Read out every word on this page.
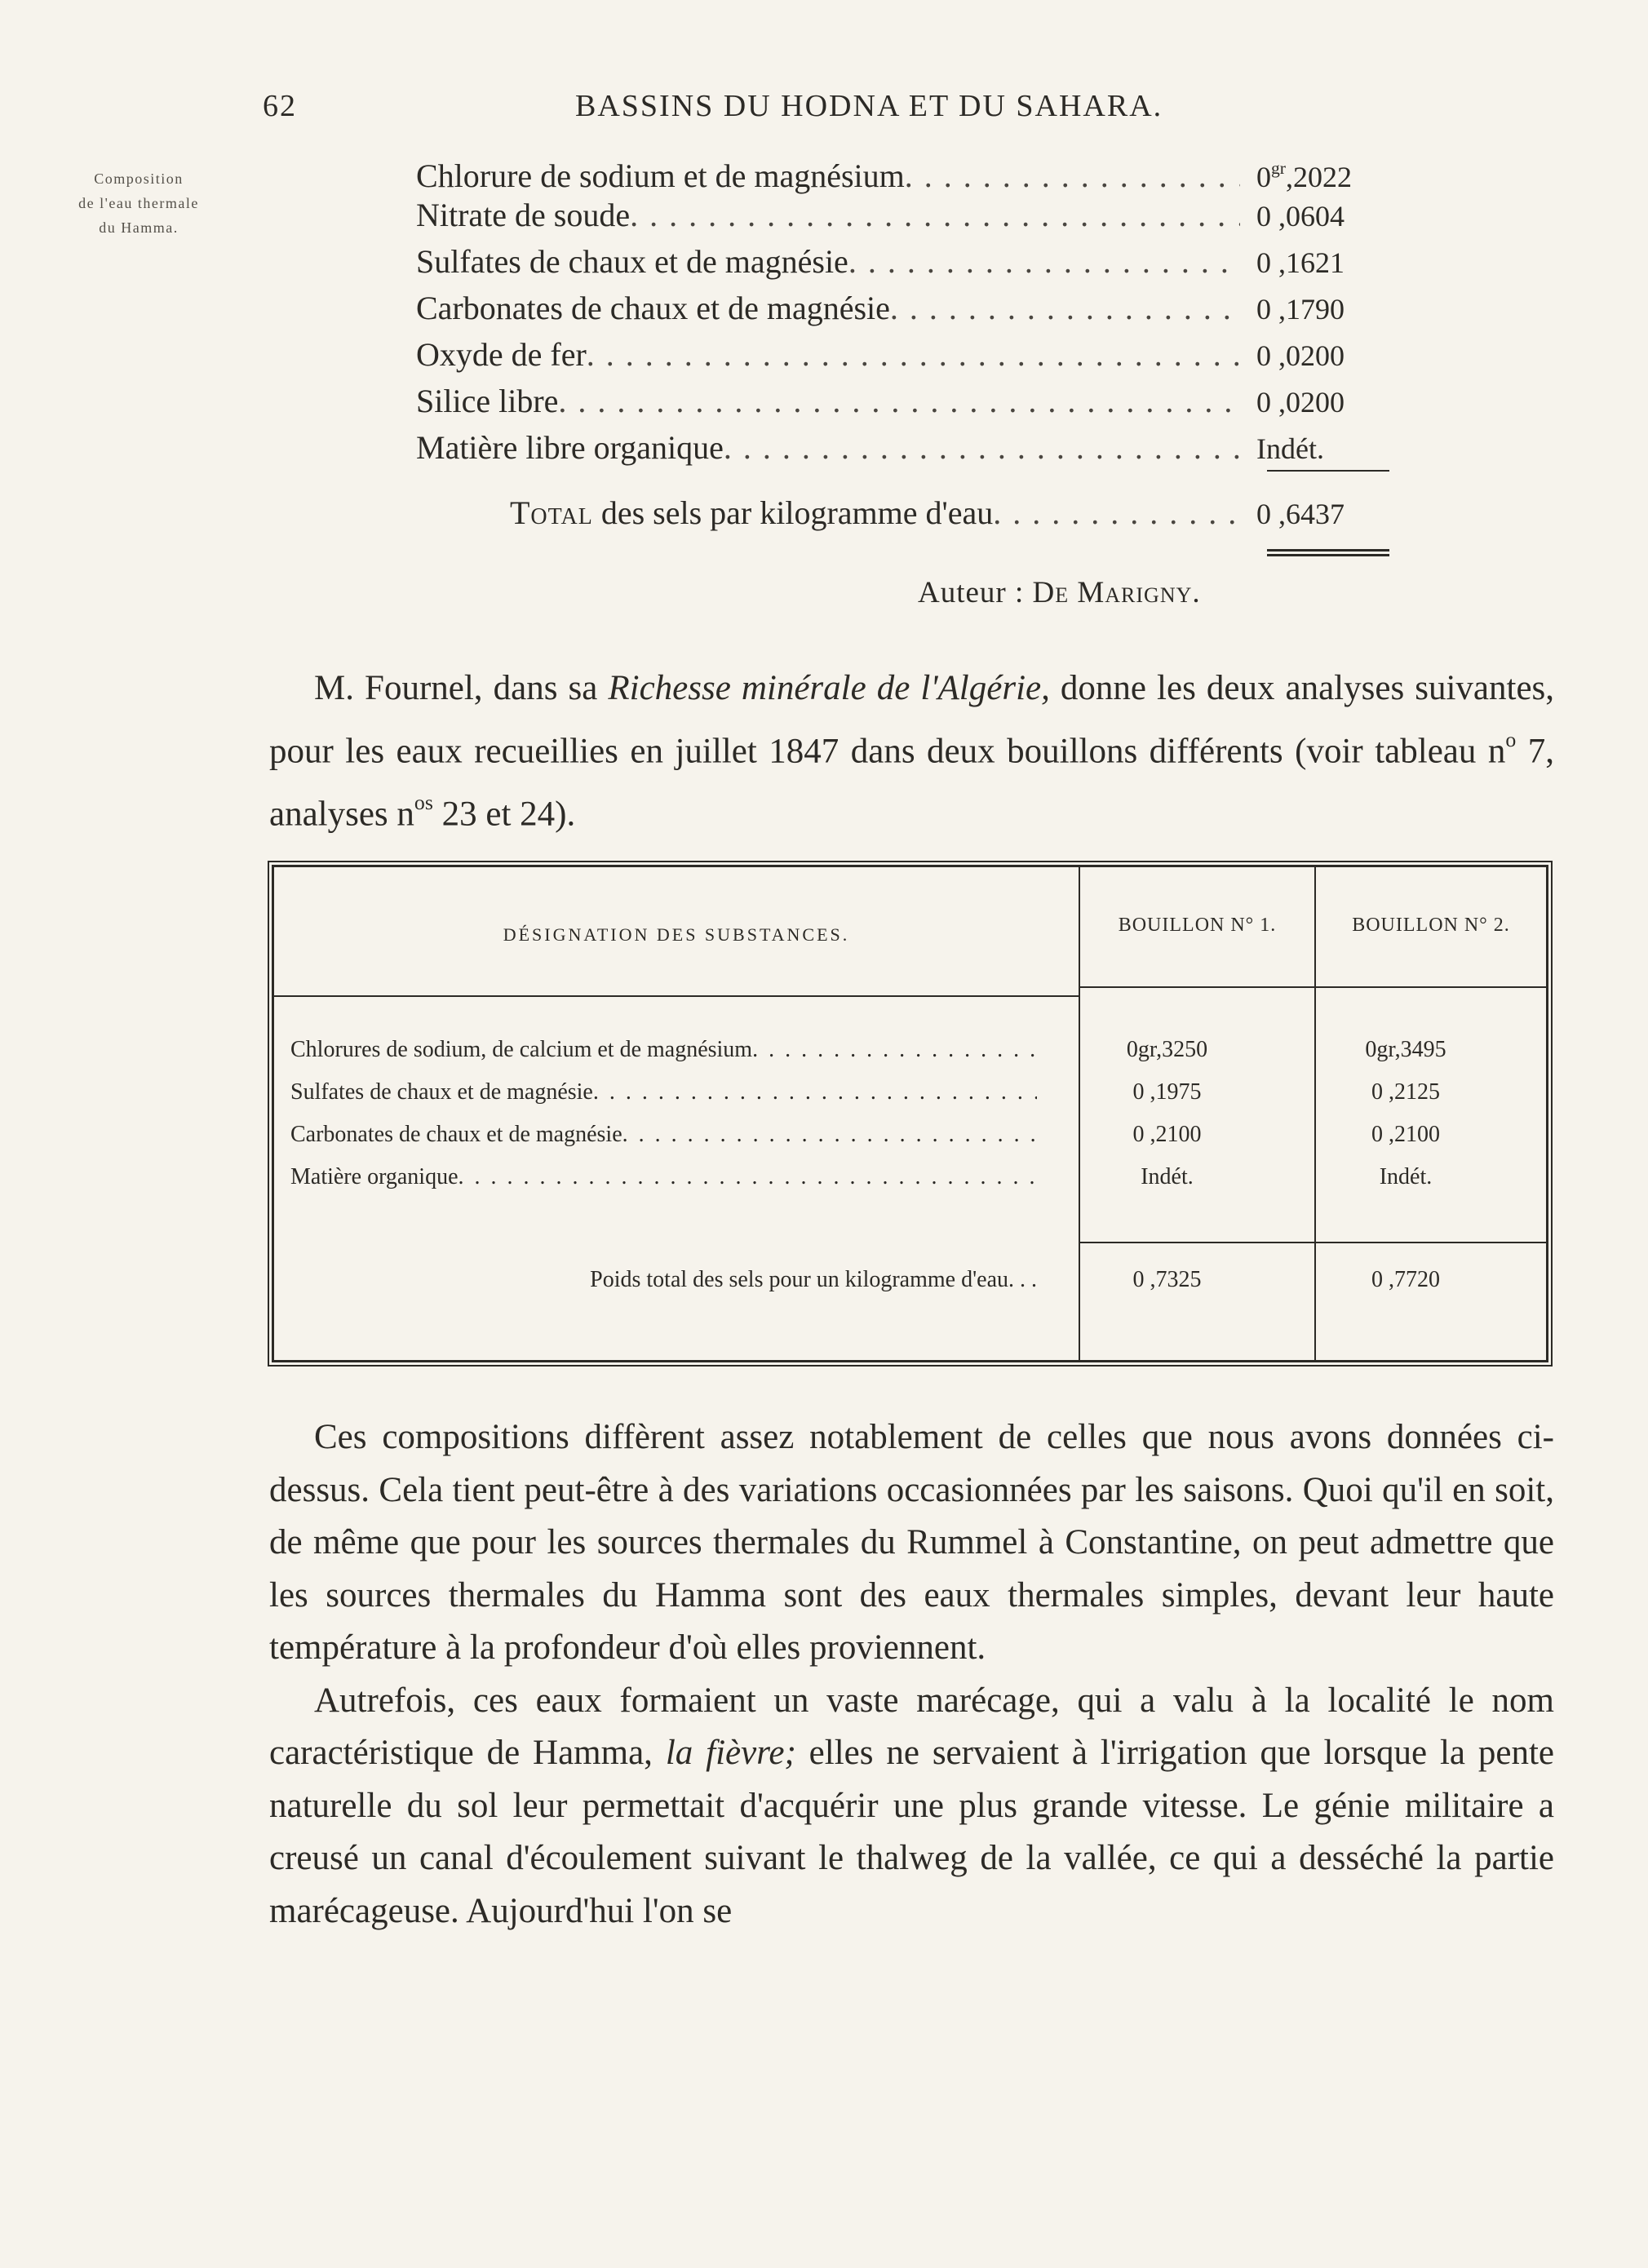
62	BASSINS DU HODNA ET DU SAHARA.
Composition
de l'eau thermale
du Hamma.
Chlorure de sodium et de magnésium . . .	$0^{gr},2022$
Nitrate de soude . . .	0 ,0604
Sulfates de chaux et de magnésie . . .	0 ,1621
Carbonates de chaux et de magnésie . . .	0 ,1790
Oxyde de fer . . .	0 ,0200
Silice libre . . .	0 ,0200
Matière libre organique . . .	Indét.
Total des sels par kilogramme d'eau . . .	0 ,6437
Auteur : De Marigny.

M. Fournel, dans sa Richesse minérale de l'Algérie, donne les deux analyses suivantes, pour les eaux recueillies en juillet 1847 dans deux bouillons différents (voir tableau $n^o$ 7, analyses $n^{os}$ 23 et 24).

DÉSIGNATION DES SUBSTANCES.	BOUILLON N° 1.	BOUILLON N° 2.
Chlorures de sodium, de calcium et de magnésium . . .	0gr,3250	0gr,3495
Sulfates de chaux et de magnésie . . .	0 ,1975	0 ,2125
Carbonates de chaux et de magnésie . . .	0 ,2100	0 ,2100
Matière organique . . .	Indét.	Indét.
Poids total des sels pour un kilogramme d'eau. . .	0 ,7325	0 ,7720

Ces compositions diffèrent assez notablement de celles que nous avons données ci-dessus. Cela tient peut-être à des variations occasionnées par les saisons. Quoi qu'il en soit, de même que pour les sources thermales du Rummel à Constantine, on peut admettre que les sources thermales du Hamma sont des eaux thermales simples, devant leur haute température à la profondeur d'où elles proviennent.

Autrefois, ces eaux formaient un vaste marécage, qui a valu à la localité le nom caractéristique de Hamma, la fièvre; elles ne servaient à l'irrigation que lorsque la pente naturelle du sol leur permettait d'acquérir une plus grande vitesse. Le génie militaire a creusé un canal d'écoulement suivant le thalweg de la vallée, ce qui a desséché la partie marécageuse. Aujourd'hui l'on se
